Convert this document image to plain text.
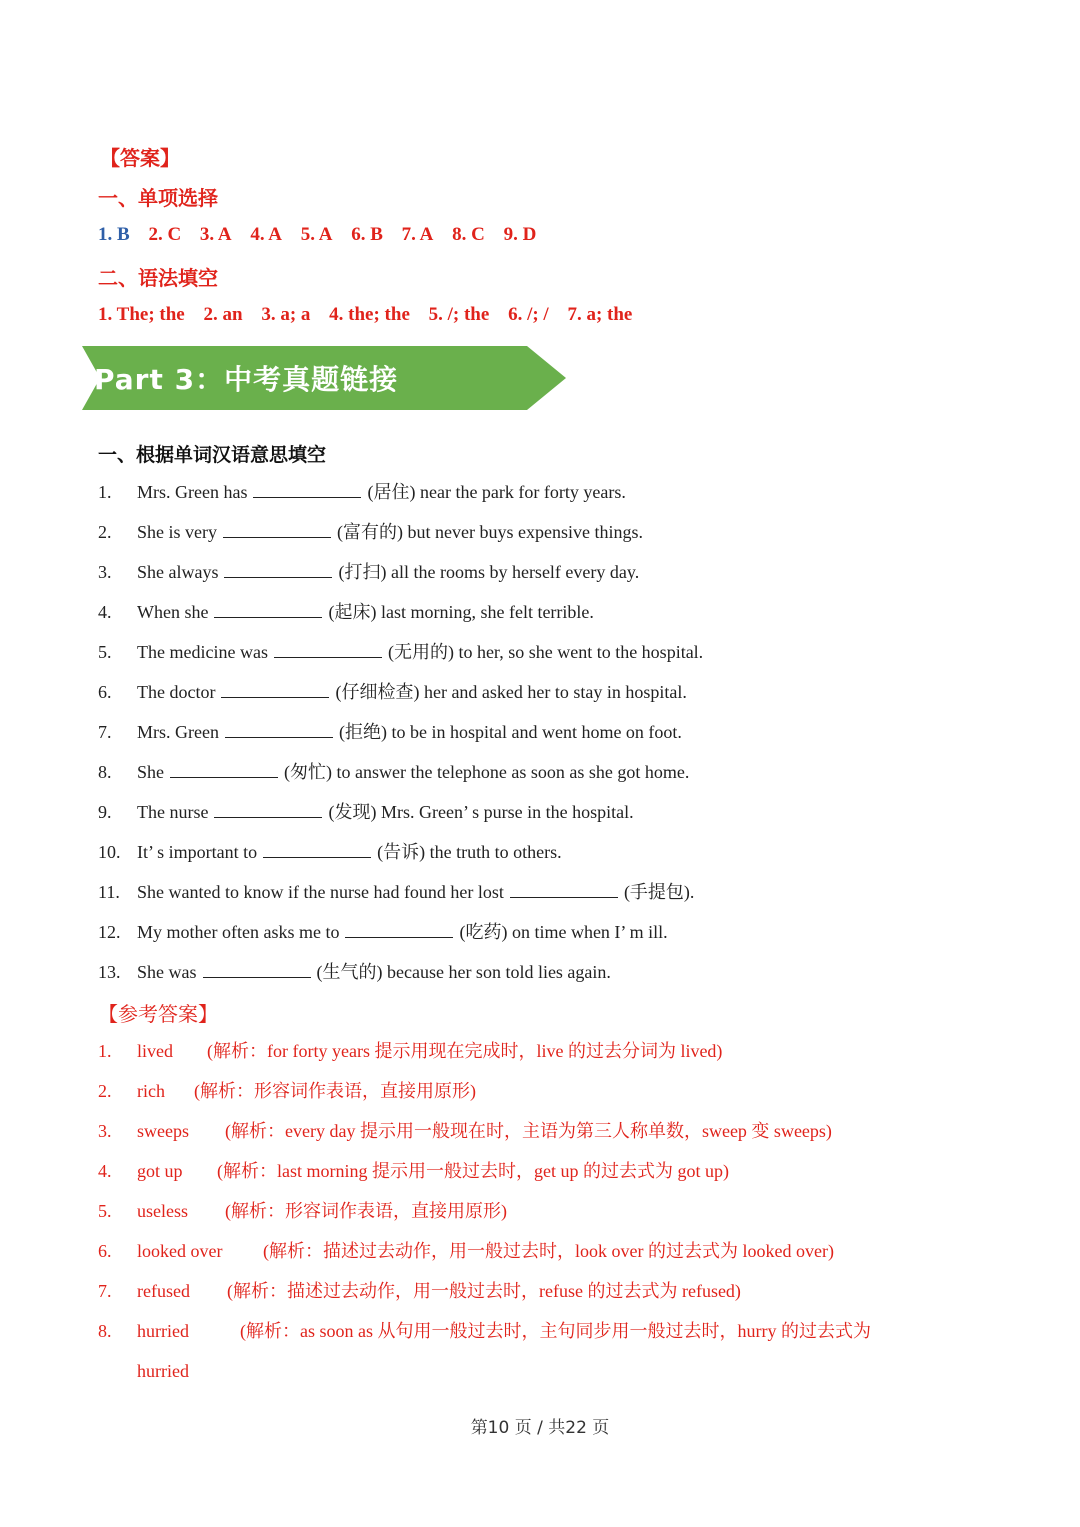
【答案】
一、单项选择
1. B 2. C 3. A 4. A 5. A 6. B 7. A 8. C 9. D
二、语法填空
1. The; the 2. an 3. a; a 4. the; the 5. /; the 6. /; / 7. a; the
Part 3：中考真题链接
一、根据单词汉语意思填空
1. Mrs. Green has	(居住) near the park for forty years.
2. She is very	(富有的) but never buys expensive things.
3. She always	(打扫) all the rooms by herself every day.
4. When she	(起床) last morning, she felt terrible.
5. The medicine was	(无用的) to her, so she went to the hospital.
6. The doctor	(仔细检查) her and asked her to stay in hospital.
7. Mrs. Green	(拒绝) to be in hospital and went home on foot.
8. She	(匆忙) to answer the telephone as soon as she got home.
9. The nurse	(发现) Mrs. Green’ s purse in the hospital.
10. It’ s important to	(告诉) the truth to others.
11. She wanted to know if the nurse had found her lost	(手提包).
12. My mother often asks me to	(吃药) on time when I’ m ill.
13. She was	(生气的) because her son told lies again.
【参考答案】
1. lived (解析：for forty years 提示用现在完成时，live 的过去分词为 lived)
2. rich (解析：形容词作表语，直接用原形)
3. sweeps (解析：every day 提示用一般现在时，主语为第三人称单数，sweep 变 sweeps)
4. got up (解析：last morning 提示用一般过去时，get up 的过去式为 got up)
5. useless (解析：形容词作表语，直接用原形)
6. looked over (解析：描述过去动作，用一般过去时，look over 的过去式为 looked over)
7. refused (解析：描述过去动作，用一般过去时，refuse 的过去式为 refused)
8. hurried	(解析：as soon as 从句用一般过去时，主句同步用一般过去时，hurry 的过去式为
hurried
第10 页 / 共22 页
